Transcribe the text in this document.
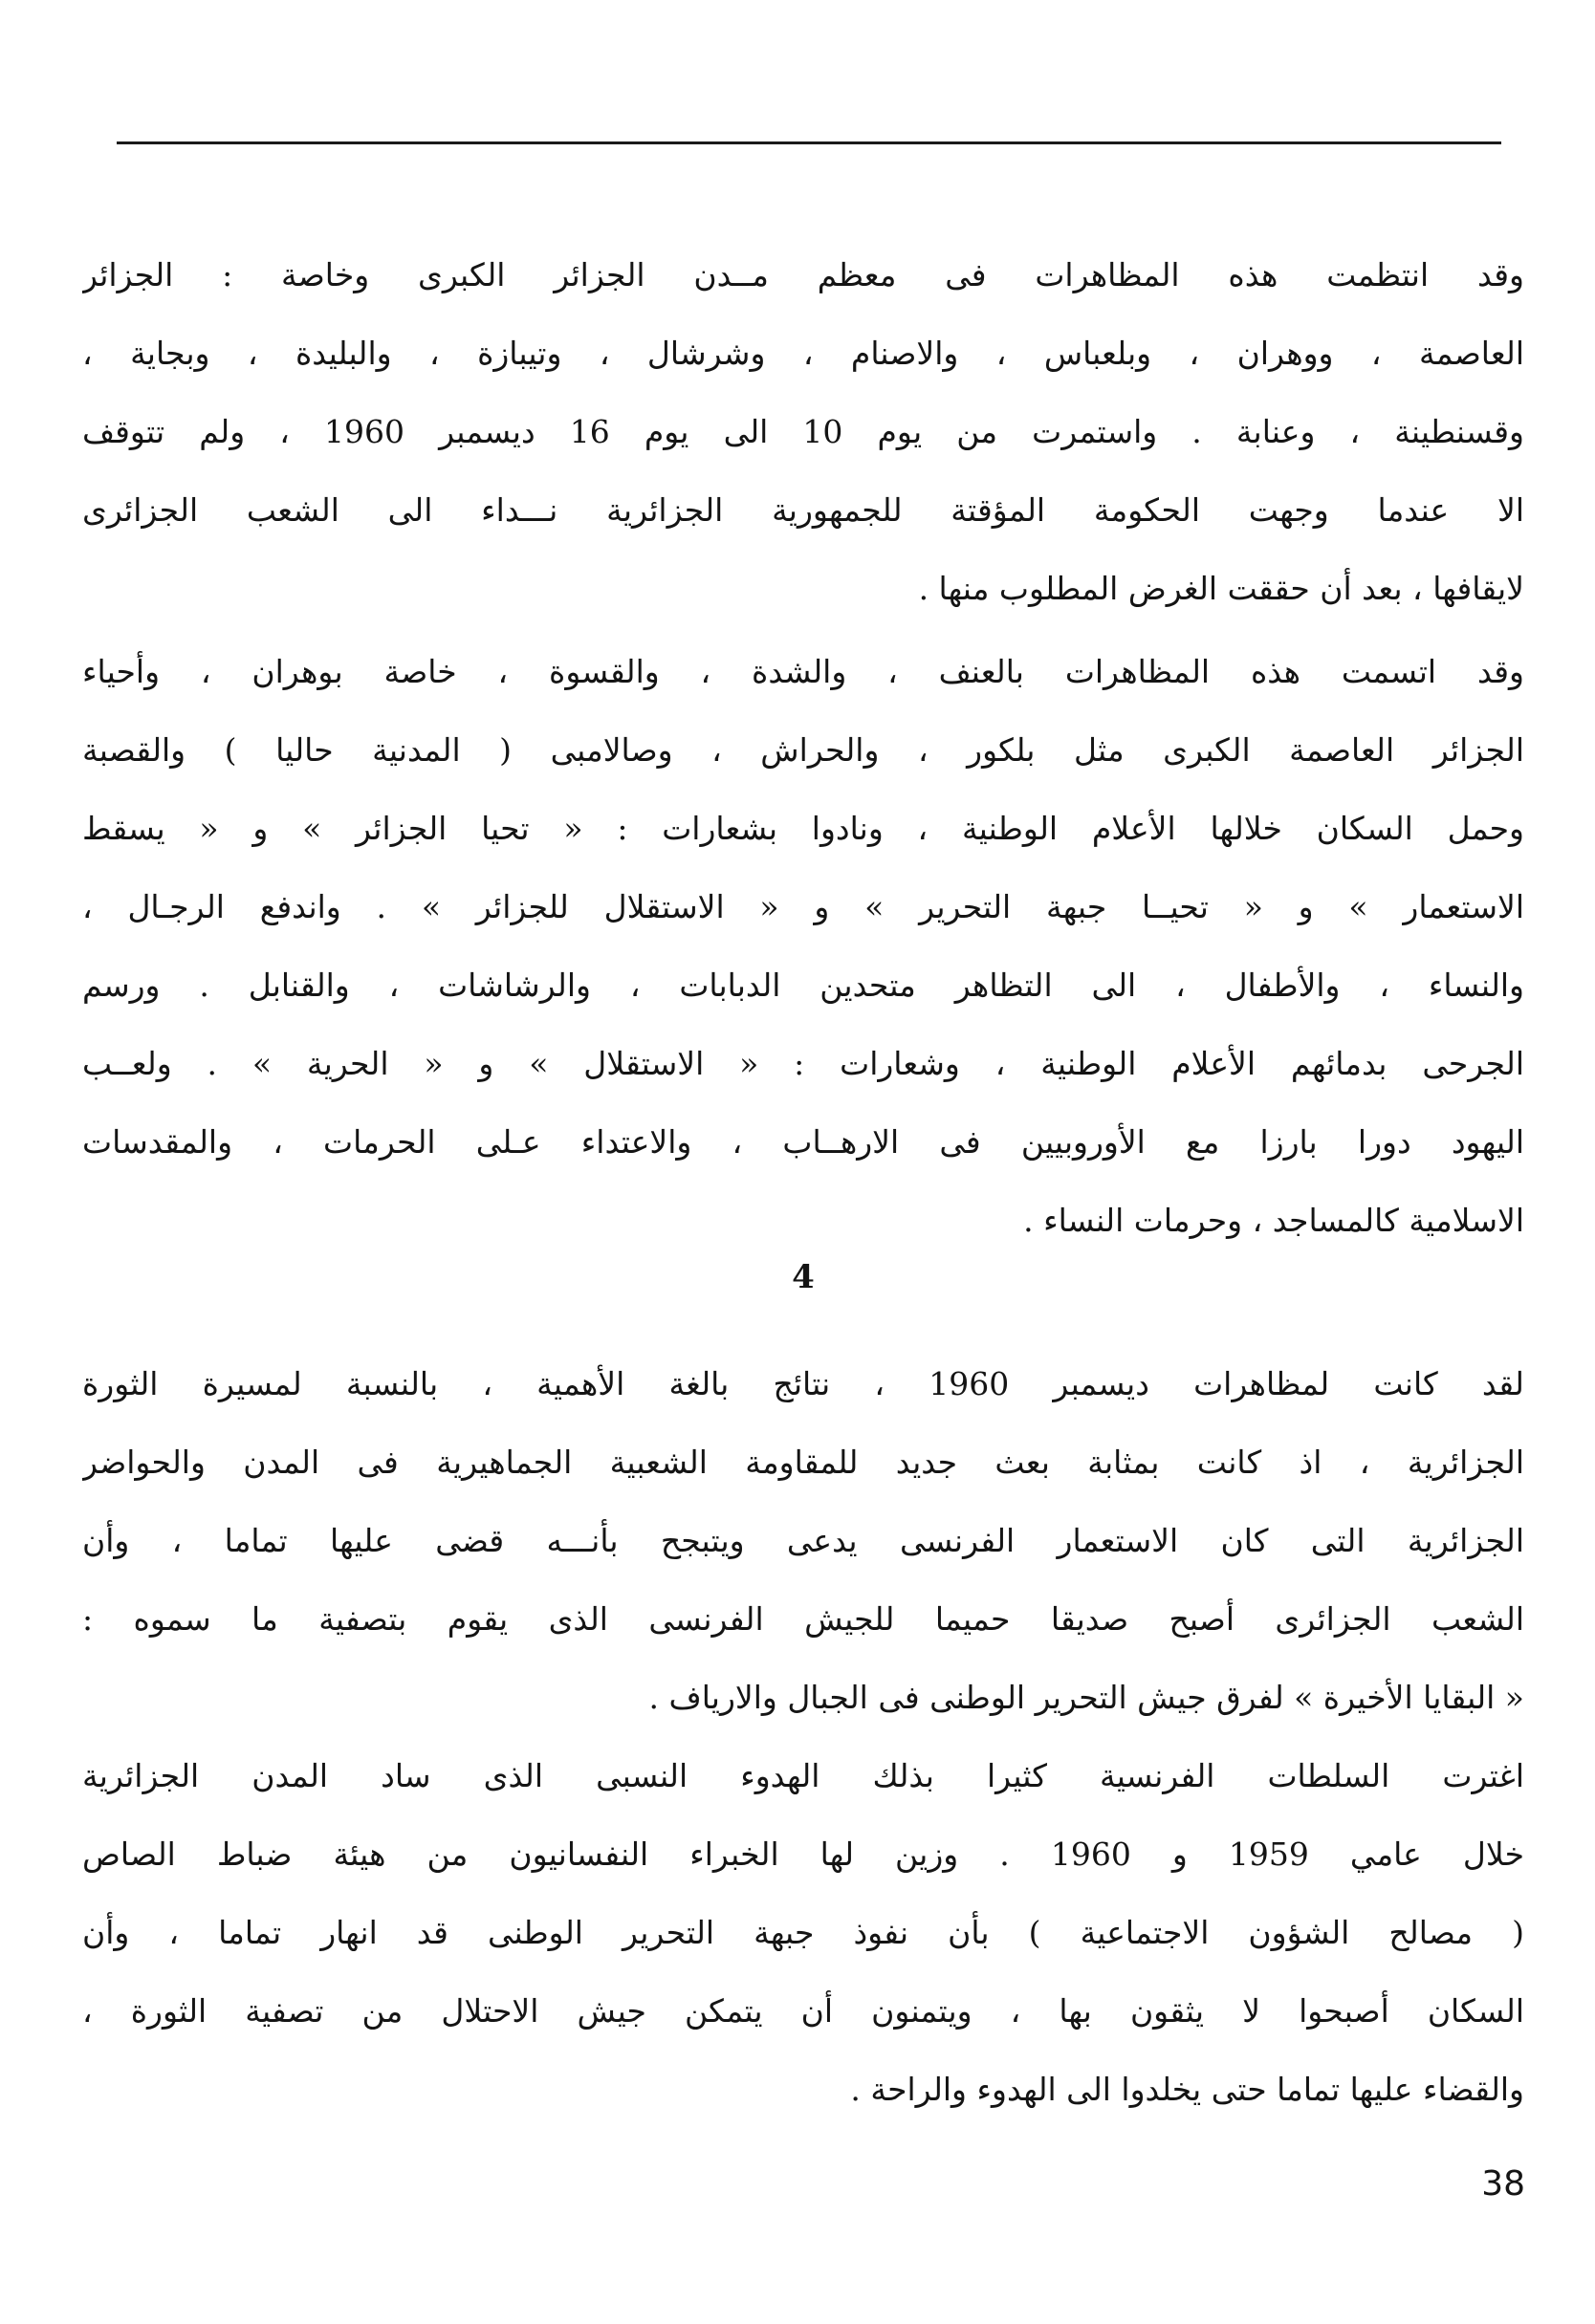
وقد انتظمت هذه المظاهرات فى معظم مــدن الجزائر الكبرى وخاصة : الجزائر
العاصمة ، ووهران ، وبلعباس ، والاصنام ، وشرشال ، وتيبازة ، والبليدة ، وبجاية ،
وقسنطينة ، وعنابة . واستمرت من يوم 10 الى يوم 16 ديسمبر 1960 ، ولم تتوقف
الا عندما وجهت الحكومة المؤقتة للجمهورية الجزائرية نـــداء الى الشعب الجزائرى
لايقافها ، بعد أن حققت الغرض المطلوب منها .
وقد اتسمت هذه المظاهرات بالعنف ، والشدة ، والقسوة ، خاصة بوهران ، وأحياء
الجزائر العاصمة الكبرى مثل بلكور ، والحراش ، وصالامبى ( المدنية حاليا ) والقصبة
وحمل السكان خلالها الأعلام الوطنية ، ونادوا بشعارات : « تحيا الجزائر » و « يسقط
الاستعمار » و « تحيــا جبهة التحرير » و « الاستقلال للجزائر » . واندفع الرجـال ،
والنساء ، والأطفال ، الى التظاهر متحدين الدبابات ، والرشاشات ، والقنابل . ورسم
الجرحى بدمائهم الأعلام الوطنية ، وشعارات : « الاستقلال » و « الحرية » . ولعــب
اليهود دورا بارزا مع الأوروبيين فى الارهــاب ، والاعتداء عـلى الحرمات ، والمقدسات
الاسلامية كالمساجد ، وحرمات النساء .
4
لقد كانت لمظاهرات ديسمبر 1960 ، نتائج بالغة الأهمية ، بالنسبة لمسيرة الثورة
الجزائرية ، اذ كانت بمثابة بعث جديد للمقاومة الشعبية الجماهيرية فى المدن والحواضر
الجزائرية التى كان الاستعمار الفرنسى يدعى ويتبجح بأنـــه قضى عليها تماما ، وأن
الشعب الجزائرى أصبح صديقا حميما للجيش الفرنسى الذى يقوم بتصفية ما سموه :
« البقايا الأخيرة » لفرق جيش التحرير الوطنى فى الجبال والارياف .
اغترت السلطات الفرنسية كثيرا بذلك الهدوء النسبى الذى ساد المدن الجزائرية
خلال عامي 1959 و 1960 . وزين لها الخبراء النفسانيون من هيئة ضباط الصاص
( مصالح الشؤون الاجتماعية ) بأن نفوذ جبهة التحرير الوطنى قد انهار تماما ، وأن
السكان أصبحوا لا يثقون بها ، ويتمنون أن يتمكن جيش الاحتلال من تصفية الثورة ،
والقضاء عليها تماما حتى يخلدوا الى الهدوء والراحة .
38
